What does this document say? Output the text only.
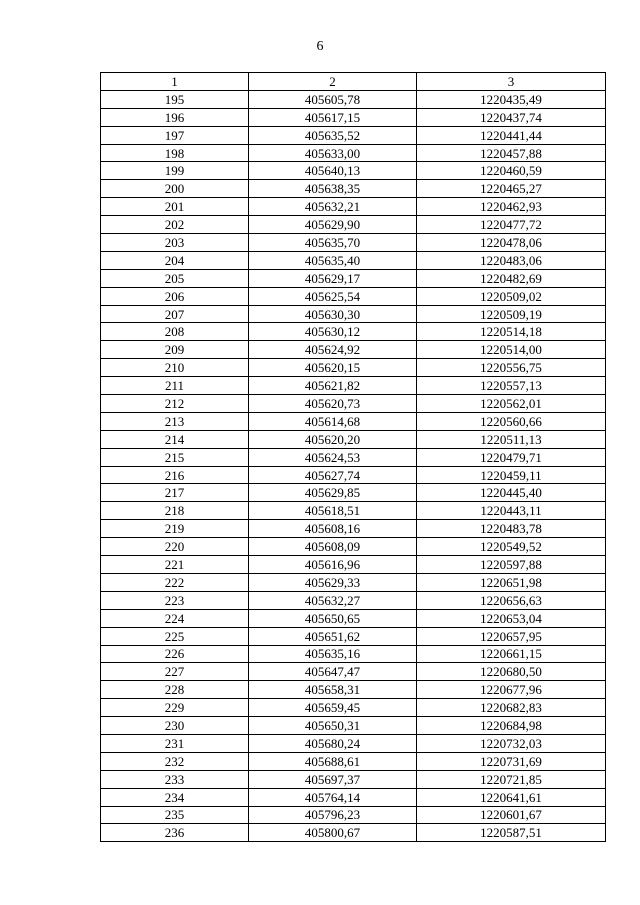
6
1	2	3
195	405605,78	1220435,49
196	405617,15	1220437,74
197	405635,52	1220441,44
198	405633,00	1220457,88
199	405640,13	1220460,59
200	405638,35	1220465,27
201	405632,21	1220462,93
202	405629,90	1220477,72
203	405635,70	1220478,06
204	405635,40	1220483,06
205	405629,17	1220482,69
206	405625,54	1220509,02
207	405630,30	1220509,19
208	405630,12	1220514,18
209	405624,92	1220514,00
210	405620,15	1220556,75
211	405621,82	1220557,13
212	405620,73	1220562,01
213	405614,68	1220560,66
214	405620,20	1220511,13
215	405624,53	1220479,71
216	405627,74	1220459,11
217	405629,85	1220445,40
218	405618,51	1220443,11
219	405608,16	1220483,78
220	405608,09	1220549,52
221	405616,96	1220597,88
222	405629,33	1220651,98
223	405632,27	1220656,63
224	405650,65	1220653,04
225	405651,62	1220657,95
226	405635,16	1220661,15
227	405647,47	1220680,50
228	405658,31	1220677,96
229	405659,45	1220682,83
230	405650,31	1220684,98
231	405680,24	1220732,03
232	405688,61	1220731,69
233	405697,37	1220721,85
234	405764,14	1220641,61
235	405796,23	1220601,67
236	405800,67	1220587,51
